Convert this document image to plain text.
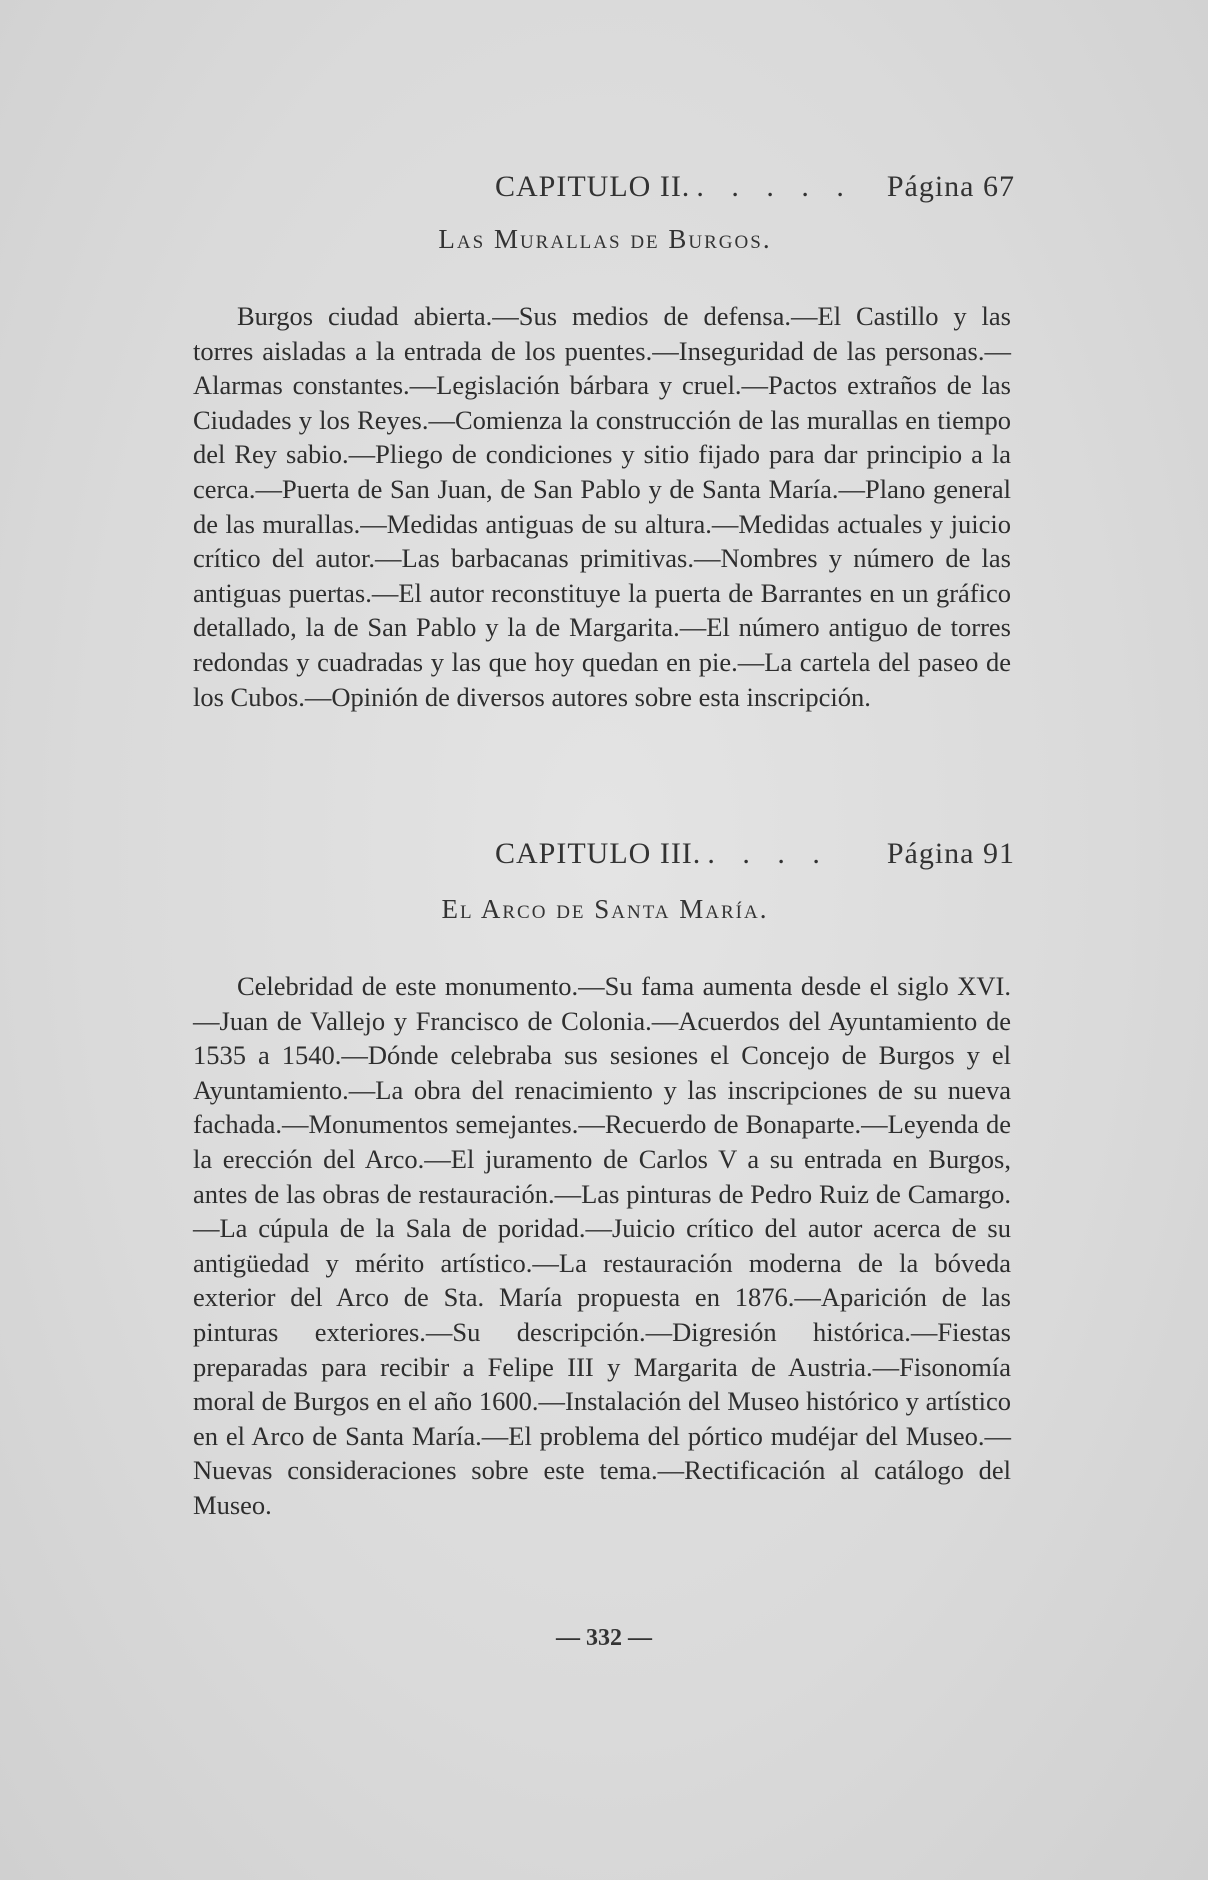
CAPITULO II. . . . . . Página 67
Las Murallas de Burgos.
Burgos ciudad abierta.—Sus medios de defensa.—El Castillo y las torres aisladas a la entrada de los puentes.—Inseguridad de las personas.—Alarmas constantes.—Legislación bárbara y cruel.—Pactos extraños de las Ciudades y los Reyes.—Comienza la construcción de las murallas en tiempo del Rey sabio.—Pliego de condiciones y sitio fijado para dar principio a la cerca.—Puerta de San Juan, de San Pablo y de Santa María.—Plano general de las murallas.—Medidas antiguas de su altura.—Medidas actuales y juicio crítico del autor.—Las barbacanas primitivas.—Nombres y número de las antiguas puertas.—El autor reconstituye la puerta de Barrantes en un gráfico detallado, la de San Pablo y la de Margarita.—El número antiguo de torres redondas y cuadradas y las que hoy quedan en pie.—La cartela del paseo de los Cubos.—Opinión de diversos autores sobre esta inscripción.
CAPITULO III. . . . . Página 91
El Arco de Santa María.
Celebridad de este monumento.—Su fama aumenta desde el siglo XVI.—Juan de Vallejo y Francisco de Colonia.—Acuerdos del Ayuntamiento de 1535 a 1540.—Dónde celebraba sus sesiones el Concejo de Burgos y el Ayuntamiento.—La obra del renacimiento y las inscripciones de su nueva fachada.—Monumentos semejantes.—Recuerdo de Bonaparte.—Leyenda de la erección del Arco.—El juramento de Carlos V a su entrada en Burgos, antes de las obras de restauración.—Las pinturas de Pedro Ruiz de Camargo.—La cúpula de la Sala de poridad.—Juicio crítico del autor acerca de su antigüedad y mérito artístico.—La restauración moderna de la bóveda exterior del Arco de Sta. María propuesta en 1876.—Aparición de las pinturas exteriores.—Su descripción.—Digresión histórica.—Fiestas preparadas para recibir a Felipe III y Margarita de Austria.—Fisonomía moral de Burgos en el año 1600.—Instalación del Museo histórico y artístico en el Arco de Santa María.—El problema del pórtico mudéjar del Museo.—Nuevas consideraciones sobre este tema.—Rectificación al catálogo del Museo.
— 332 —
